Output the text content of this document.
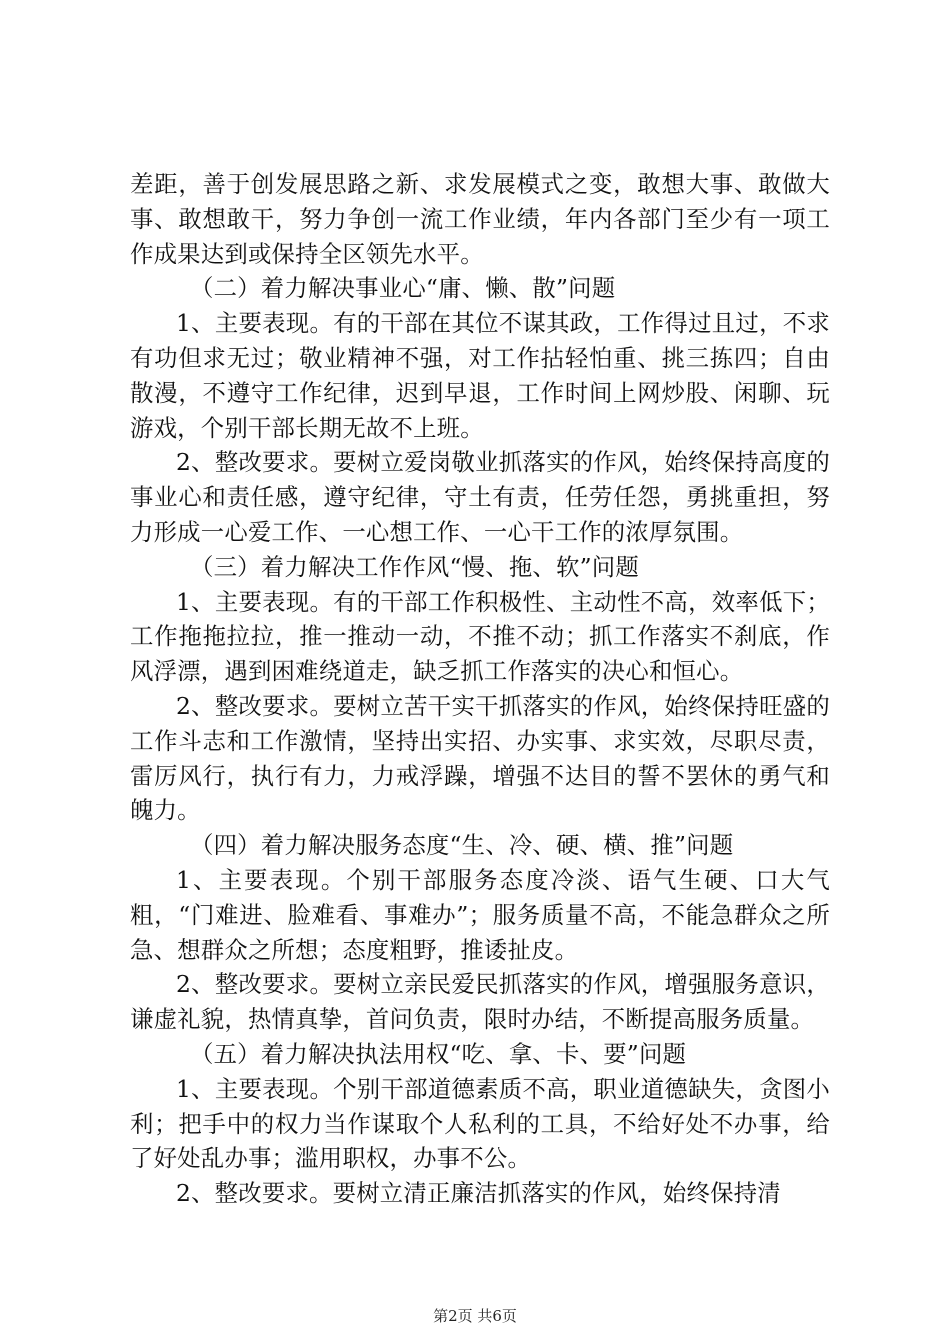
差距，善于创发展思路之新、求发展模式之变，敢想大事、敢做大事、敢想敢干，努力争创一流工作业绩，年内各部门至少有一项工作成果达到或保持全区领先水平。

（二）着力解决事业心“庸、懒、散”问题

1、主要表现。有的干部在其位不谋其政，工作得过且过，不求有功但求无过；敬业精神不强，对工作拈轻怕重、挑三拣四；自由散漫，不遵守工作纪律，迟到早退，工作时间上网炒股、闲聊、玩游戏，个别干部长期无故不上班。

2、整改要求。要树立爱岗敬业抓落实的作风，始终保持高度的事业心和责任感，遵守纪律，守土有责，任劳任怨，勇挑重担，努力形成一心爱工作、一心想工作、一心干工作的浓厚氛围。

（三）着力解决工作作风“慢、拖、软”问题

1、主要表现。有的干部工作积极性、主动性不高，效率低下；工作拖拖拉拉，推一推动一动，不推不动；抓工作落实不刹底，作风浮漂，遇到困难绕道走，缺乏抓工作落实的决心和恒心。

2、整改要求。要树立苦干实干抓落实的作风，始终保持旺盛的工作斗志和工作激情，坚持出实招、办实事、求实效，尽职尽责，雷厉风行，执行有力，力戒浮躁，增强不达目的誓不罢休的勇气和魄力。

（四）着力解决服务态度“生、冷、硬、横、推”问题

1、主要表现。个别干部服务态度冷淡、语气生硬、口大气粗，“门难进、脸难看、事难办”；服务质量不高，不能急群众之所急、想群众之所想；态度粗野，推诿扯皮。

2、整改要求。要树立亲民爱民抓落实的作风，增强服务意识，谦虚礼貌，热情真挚，首问负责，限时办结，不断提高服务质量。

（五）着力解决执法用权“吃、拿、卡、要”问题

1、主要表现。个别干部道德素质不高，职业道德缺失，贪图小利；把手中的权力当作谋取个人私利的工具，不给好处不办事，给了好处乱办事；滥用职权，办事不公。

2、整改要求。要树立清正廉洁抓落实的作风，始终保持清

第2页 共6页
